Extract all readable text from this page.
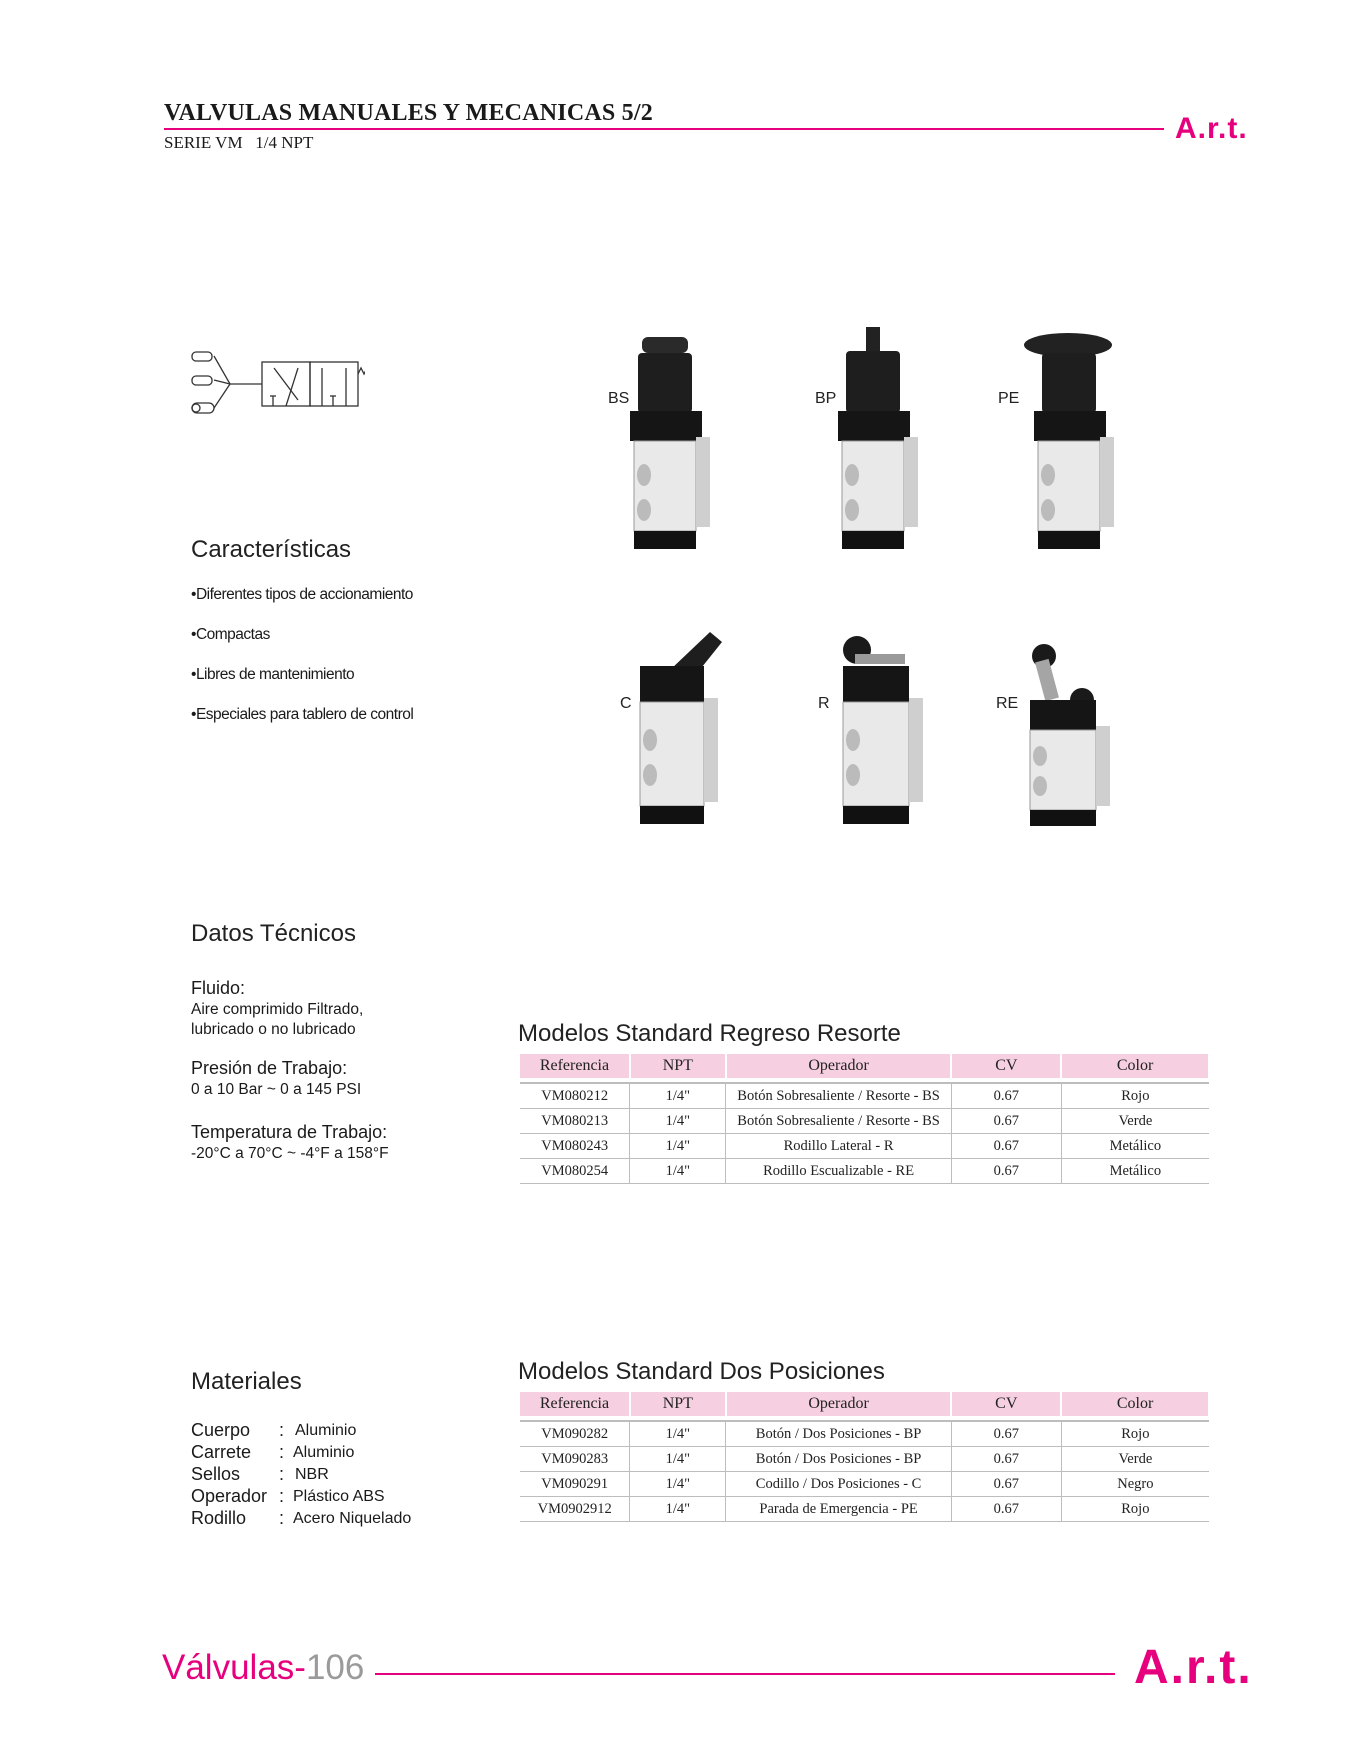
VALVULAS MANUALES Y MECANICAS 5/2
SERIE VM   1/4 NPT	A.r.t.
BS	BP	PE
C	R	RE
Características
•Diferentes tipos de accionamiento
•Compactas
•Libres de mantenimiento
•Especiales para tablero de control
Datos Técnicos
Fluido:
Aire comprimido Filtrado,
lubricado o no lubricado
Presión de Trabajo:
0 a 10 Bar ~ 0 a 145 PSI
Temperatura de Trabajo:
-20°C a 70°C ~ -4°F a 158°F
Modelos Standard Regreso Resorte
Referencia	NPT	Operador	CV	Color

VM080212	1/4"	Botón Sobresaliente / Resorte - BS	0.67	Rojo
VM080213	1/4"	Botón Sobresaliente / Resorte - BS	0.67	Verde
VM080243	1/4"	Rodillo Lateral - R	0.67	Metálico
VM080254	1/4"	Rodillo Escualizable - RE	0.67	Metálico
Materiales
Cuerpo : Aluminio
Carrete : Aluminio
Sellos : NBR
Operador : Plástico ABS
Rodillo : Acero Niquelado
Modelos Standard Dos Posiciones
Referencia	NPT	Operador	CV	Color

VM090282	1/4"	Botón / Dos Posiciones - BP	0.67	Rojo
VM090283	1/4"	Botón / Dos Posiciones - BP	0.67	Verde
VM090291	1/4"	Codillo / Dos Posiciones - C	0.67	Negro
VM0902912	1/4"	Parada de Emergencia - PE	0.67	Rojo
Válvulas-106	A.r.t.
